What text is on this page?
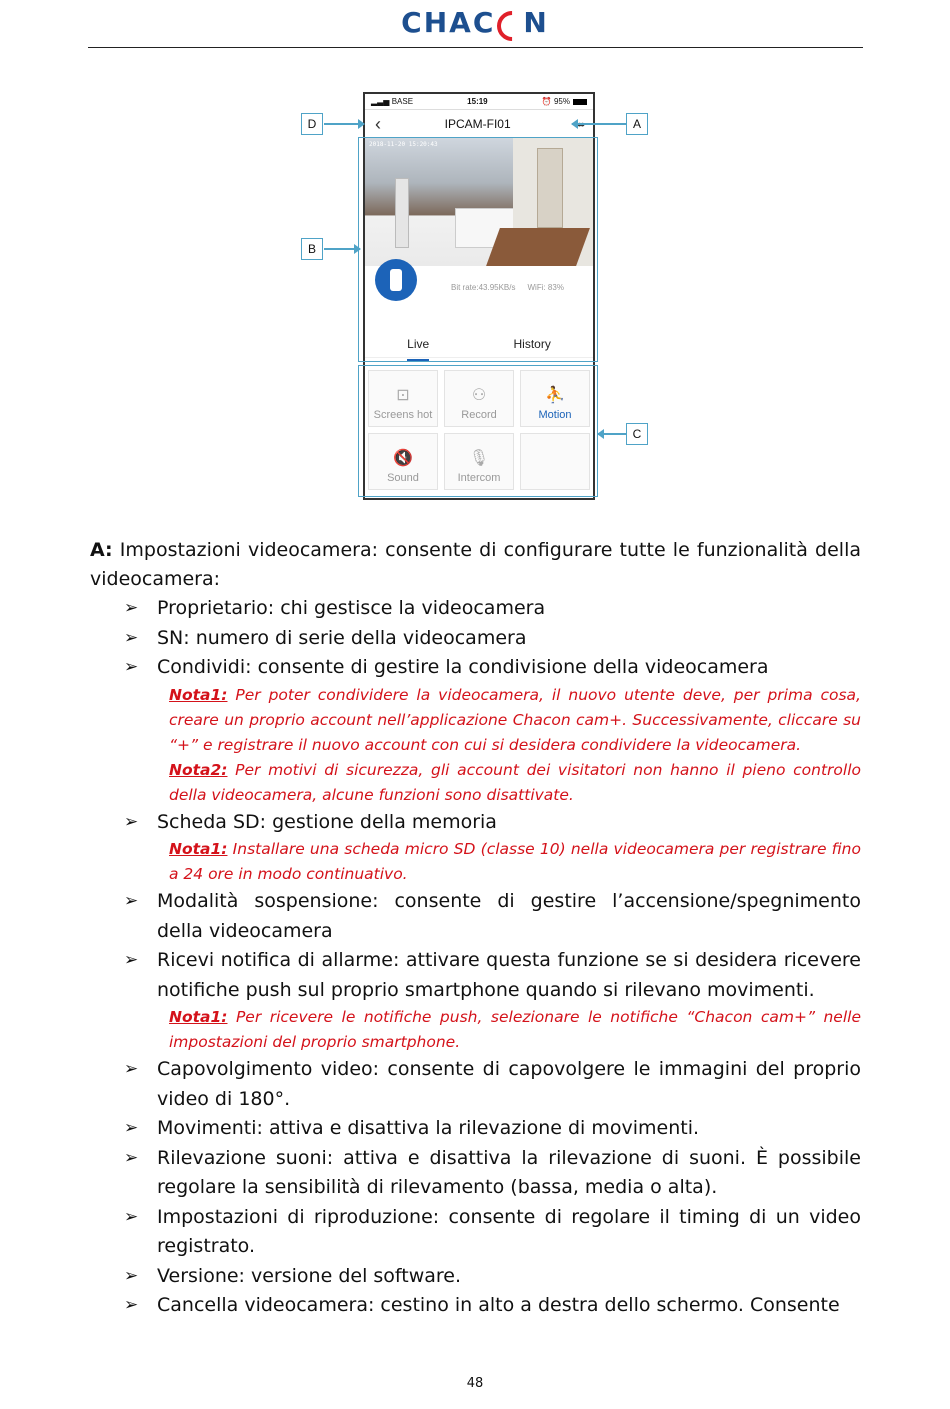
CHAC N
▂▃▅ BASE	15:19	⏰ 95%
‹	IPCAM-FI01
2018-11-20 15:20:43
Bit rate:43.95KB/s WiFi: 83%
Live	History
⊡
Screens hot
⚇
Record
⛹
Motion
🔇
Sound
🎙
Intercom
D	A
B
C

A: Impostazioni videocamera: consente di configurare tutte le funzionalità della videocamera:

➢ Proprietario: chi gestisce la videocamera
➢ SN: numero di serie della videocamera
➢ Condividi: consente di gestire la condivisione della videocamera
Nota1: Per poter condividere la videocamera, il nuovo utente deve, per prima cosa, creare un proprio account nell’applicazione Chacon cam+. Successivamente, cliccare su “+” e registrare il nuovo account con cui si desidera condividere la videocamera.
Nota2: Per motivi di sicurezza, gli account dei visitatori non hanno il pieno controllo della videocamera, alcune funzioni sono disattivate.
➢ Scheda SD: gestione della memoria
Nota1: Installare una scheda micro SD (classe 10) nella videocamera per registrare fino a 24 ore in modo continuativo.
➢ Modalità sospensione: consente di gestire l’accensione/spegnimento della videocamera
➢ Ricevi notifica di allarme: attivare questa funzione se si desidera ricevere notifiche push sul proprio smartphone quando si rilevano movimenti.
Nota1: Per ricevere le notifiche push, selezionare le notifiche “Chacon cam+” nelle impostazioni del proprio smartphone.
➢ Capovolgimento video: consente di capovolgere le immagini del proprio video di 180°.
➢ Movimenti: attiva e disattiva la rilevazione di movimenti.
➢ Rilevazione suoni: attiva e disattiva la rilevazione di suoni. È possibile regolare la sensibilità di rilevamento (bassa, media o alta).
➢ Impostazioni di riproduzione: consente di regolare il timing di un video registrato.
➢ Versione: versione del software.
➢ Cancella videocamera: cestino in alto a destra dello schermo. Consente
48
